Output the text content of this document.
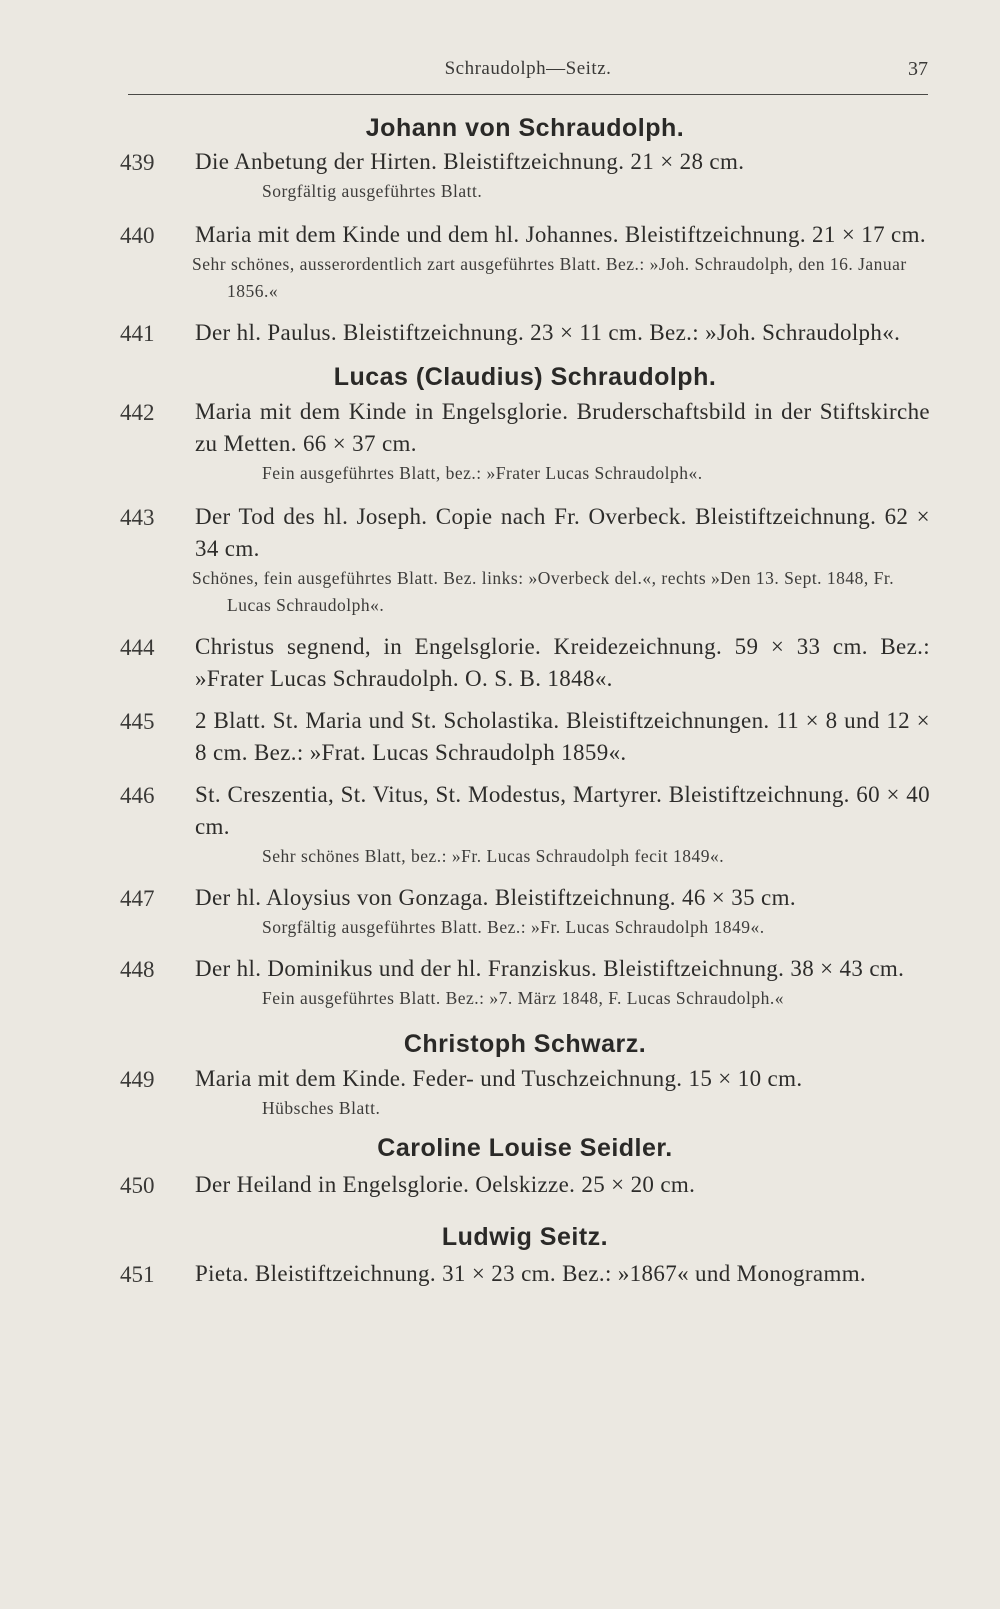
Schraudolph—Seitz.	37
Johann von Schraudolph.
439 Die Anbetung der Hirten. Bleistiftzeichnung. 21 × 28 cm.

Sorgfältig ausgeführtes Blatt.

440 Maria mit dem Kinde und dem hl. Johannes. Bleistiftzeichnung. 21 × 17 cm.

Sehr schönes, ausserordentlich zart ausgeführtes Blatt. Bez.: »Joh. Schraudolph, den 16. Januar 1856.«

441 Der hl. Paulus. Bleistiftzeichnung. 23 × 11 cm. Bez.: »Joh. Schraudolph«.

Lucas (Claudius) Schraudolph.
442 Maria mit dem Kinde in Engelsglorie. Bruderschaftsbild in der Stiftskirche zu Metten. 66 × 37 cm.

Fein ausgeführtes Blatt, bez.: »Frater Lucas Schraudolph«.

443 Der Tod des hl. Joseph. Copie nach Fr. Overbeck. Bleistiftzeichnung. 62 × 34 cm.

Schönes, fein ausgeführtes Blatt. Bez. links: »Overbeck del.«, rechts »Den 13. Sept. 1848, Fr. Lucas Schraudolph«.

444 Christus segnend, in Engelsglorie. Kreidezeichnung. 59 × 33 cm. Bez.: »Frater Lucas Schraudolph. O. S. B. 1848«.

445 2 Blatt. St. Maria und St. Scholastika. Bleistiftzeichnungen. 11 × 8 und 12 × 8 cm. Bez.: »Frat. Lucas Schraudolph 1859«.

446 St. Creszentia, St. Vitus, St. Modestus, Martyrer. Bleistiftzeichnung. 60 × 40 cm.

Sehr schönes Blatt, bez.: »Fr. Lucas Schraudolph fecit 1849«.

447 Der hl. Aloysius von Gonzaga. Bleistiftzeichnung. 46 × 35 cm.

Sorgfältig ausgeführtes Blatt. Bez.: »Fr. Lucas Schraudolph 1849«.

448 Der hl. Dominikus und der hl. Franziskus. Bleistiftzeichnung. 38 × 43 cm.

Fein ausgeführtes Blatt. Bez.: »7. März 1848, F. Lucas Schraudolph.«

Christoph Schwarz.
449 Maria mit dem Kinde. Feder- und Tuschzeichnung. 15 × 10 cm.

Hübsches Blatt.

Caroline Louise Seidler.
450 Der Heiland in Engelsglorie. Oelskizze. 25 × 20 cm.

Ludwig Seitz.
451 Pieta. Bleistiftzeichnung. 31 × 23 cm. Bez.: »1867« und Monogramm.
